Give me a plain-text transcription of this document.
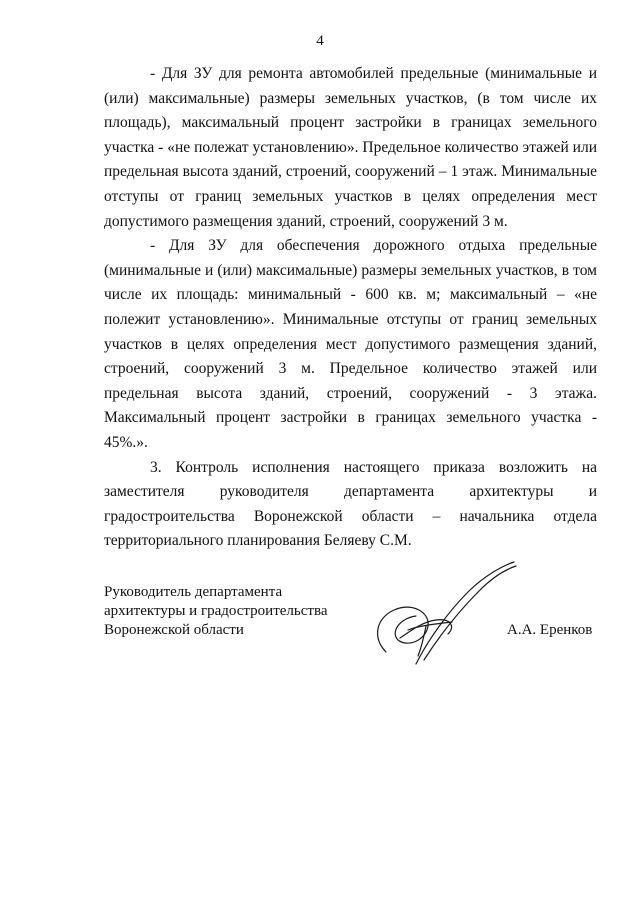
4

- Для ЗУ для ремонта автомобилей предельные (минимальные и (или) максимальные) размеры земельных участков, (в том числе их площадь), максимальный процент застройки в границах земельного участка - «не полежат установлению». Предельное количество этажей или предельная высота зданий, строений, сооружений – 1 этаж. Минимальные отступы от границ земельных участков в целях определения мест допустимого размещения зданий, строений, сооружений 3 м.

- Для ЗУ для обеспечения дорожного отдыха предельные (минимальные и (или) максимальные) размеры земельных участков, в том числе их площадь: минимальный - 600 кв. м; максимальный – «не полежит установлению». Минимальные отступы от границ земельных участков в целях определения мест допустимого размещения зданий, строений, сооружений 3 м. Предельное количество этажей или предельная высота зданий, строений, сооружений - 3 этажа. Максимальный процент застройки в границах земельного участка - 45%.».

3. Контроль исполнения настоящего приказа возложить на заместителя руководителя департамента архитектуры и градостроительства Воронежской области – начальника отдела территориального планирования Беляеву С.М.

Руководитель департамента
архитектуры и градостроительства
Воронежской области	А.А. Еренков
